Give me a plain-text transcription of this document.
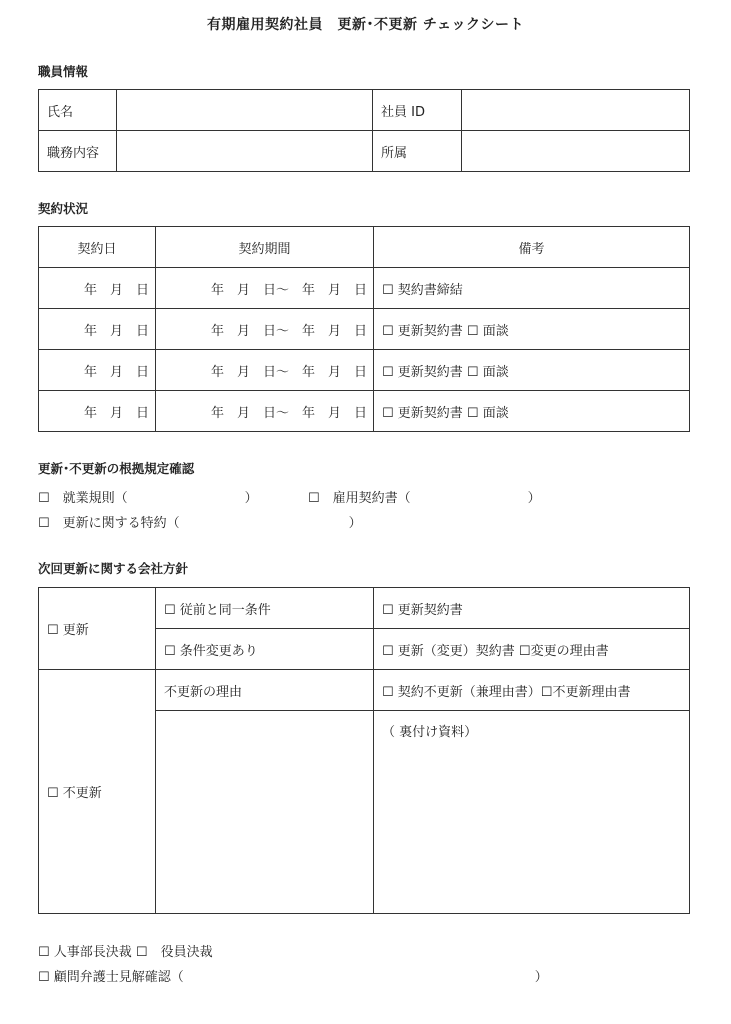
有期雇用契約社員　更新･不更新 チェックシート
職員情報
氏名		社員 ID	
職務内容		所属	
契約状況
契約日	契約期間	備考
年　月　日	年　月　日〜　年　月　日	☐ 契約書締結
年　月　日	年　月　日〜　年　月　日	☐ 更新契約書 ☐ 面談
年　月　日	年　月　日〜　年　月　日	☐ 更新契約書 ☐ 面談
年　月　日	年　月　日〜　年　月　日	☐ 更新契約書 ☐ 面談
更新･不更新の根拠規定確認
☐　就業規則（　　　　　　　　　）	☐　雇用契約書（　　　　　　　　　）
☐　更新に関する特約（　　　　　　　　　　　　　）
次回更新に関する会社方針
☐ 更新	☐ 従前と同一条件	☐ 更新契約書
	☐ 条件変更あり	☐ 更新（変更）契約書 ☐変更の理由書
☐ 不更新	不更新の理由	☐ 契約不更新（兼理由書）☐不更新理由書
		（ 裏付け資料）
☐ 人事部長決裁 ☐　役員決裁
☐ 顧問弁護士見解確認（　　　　　　　　　　　　　　　　　　　　　　　　　　　）
